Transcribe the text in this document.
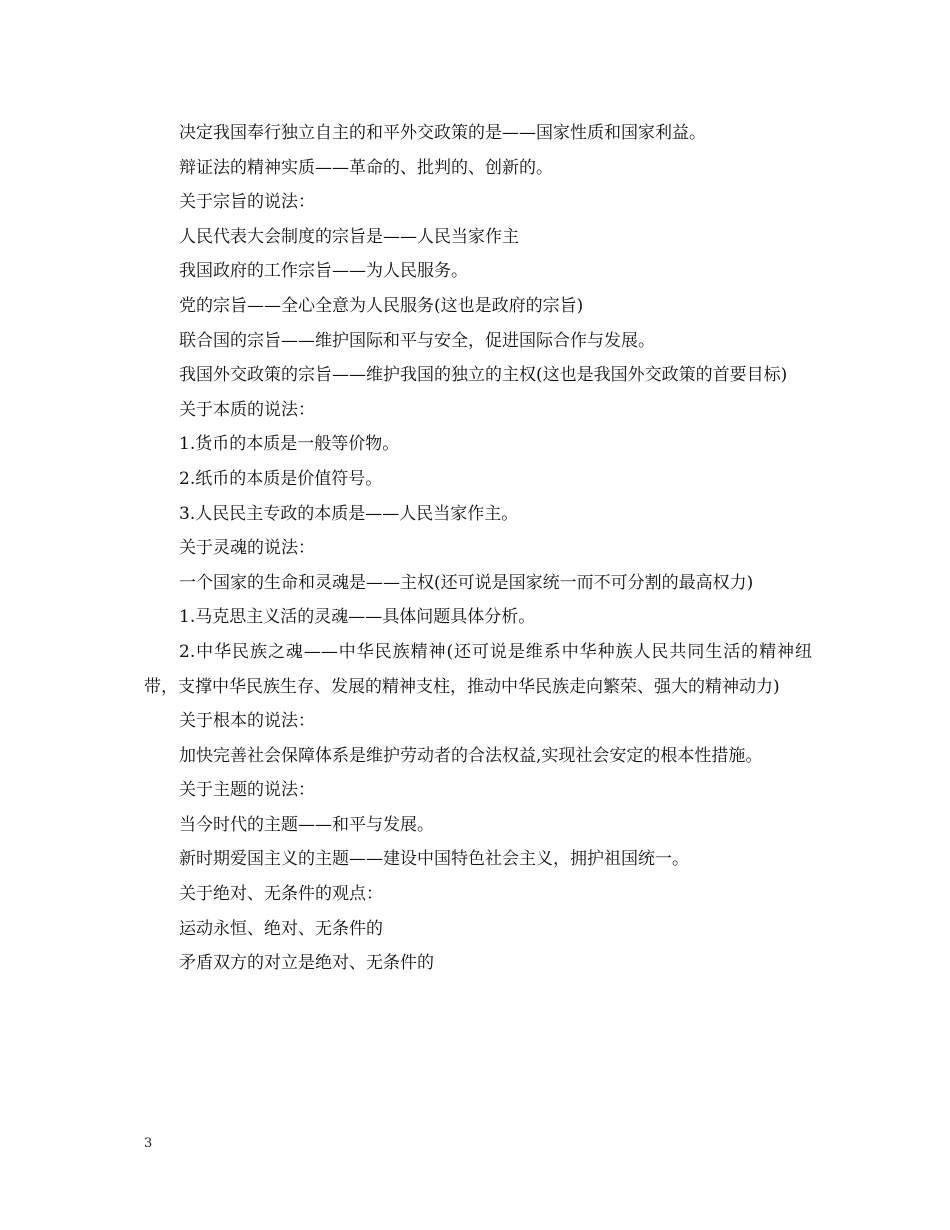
决定我国奉行独立自主的和平外交政策的是——国家性质和国家利益。

辩证法的精神实质——革命的、批判的、创新的。

关于宗旨的说法：

人民代表大会制度的宗旨是——人民当家作主

我国政府的工作宗旨——为人民服务。

党的宗旨——全心全意为人民服务(这也是政府的宗旨)

联合国的宗旨——维护国际和平与安全，促进国际合作与发展。

我国外交政策的宗旨——维护我国的独立的主权(这也是我国外交政策的首要目标)

关于本质的说法：

1.货币的本质是一般等价物。

2.纸币的本质是价值符号。

3.人民民主专政的本质是——人民当家作主。

关于灵魂的说法：

一个国家的生命和灵魂是——主权(还可说是国家统一而不可分割的最高权力)

1.马克思主义活的灵魂——具体问题具体分析。

2.中华民族之魂——中华民族精神(还可说是维系中华种族人民共同生活的精神纽带，支撑中华民族生存、发展的精神支柱，推动中华民族走向繁荣、强大的精神动力)

关于根本的说法：

加快完善社会保障体系是维护劳动者的合法权益,实现社会安定的根本性措施。

关于主题的说法：

当今时代的主题——和平与发展。

新时期爱国主义的主题——建设中国特色社会主义，拥护祖国统一。

关于绝对、无条件的观点：

运动永恒、绝对、无条件的

矛盾双方的对立是绝对、无条件的

3
